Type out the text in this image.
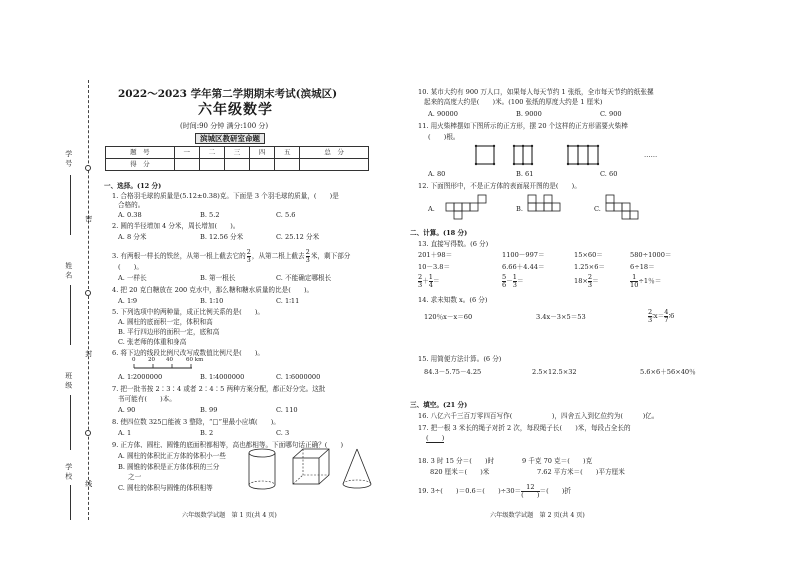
密
封
线
学 号
姓 名
班 级
学 校
2022～2023 学年第二学期期末考试(滨城区)
六年级数学
(时间:90 分钟 满分:100 分)
滨城区教研室命题
题　号	一	二	三	四	五	总　分
得　分						
一、选择。(12 分)
1. 合格羽毛球的质量是(5.12±0.38)克。下面是 3 个羽毛球的质量，(　　)是
合格的。
A. 0.38	B. 5.2	C. 5.6
2. 圆的半径增加 4 分米，周长增加(　　)。
A. 8 分米	B. 12.56 分米	C. 25.12 分米
3. 有两根一样长的铁丝，从第一根上截去它的 $\frac{2}{3}$ ，从第二根上截去 $\frac{2}{3}$ 米，剩下部分
(　　)。
A. 一样长	B. 第一根长	C. 不能确定哪根长
4. 把 20 克白糖放在 200 克水中，那么糖和糖水质量的比是(　　)。
A. 1∶9	B. 1∶10	C. 1∶11
5. 下列选项中的两种量，成正比例关系的是(　　)。
A. 圆柱的底面积一定，体积和高
B. 平行四边形的面积一定，底和高
C. 张老师的体重和身高
6. 将下边的线段比例尺改写成数值比例尺是(　　)。
0 20 40 60 km
A. 1∶2000000	B. 1∶4000000	C. 1∶6000000
7. 把一批书按 2∶3∶4 或者 2∶4∶5 两种方案分配，都正好分完。这批
书可能有(　　)本。
A. 90	B. 99	C. 110
8. 使四位数 325□能被 3 整除，“□”里最小应填(　　)。
A. 1	B. 2	C. 3
9. 正方体、圆柱、圆锥的底面积都相等，高也都相等。下面哪句话正确？(　　)
A. 圆柱的体积比正方体的体积小一些
B. 圆锥的体积是正方体体积的三分
之一
C. 圆柱的体积与圆锥的体积相等
六年级数学试题　第 1 页(共 4 页)
10. 某市大约有 900 万人口，如果每人每天节约 1 张纸，全市每天节约的纸张摞
起来的高度大约是(　　)米。(100 张纸的厚度大约是 1 厘米)
A. 90000	B. 9000	C. 900
11. 用火柴棒摆如下图所示的正方形，摆 20 个这样的正方形需要火柴棒
(　　)根。
……
A. 80	B. 61	C. 60
12. 下面图形中，不是正方体的表面展开图的是(　　)。
A.	B.	C.
二、计算。(18 分)
13. 直接写得数。(6 分)
201＋98＝	1100－997＝	15×60＝	580÷1000＝
10－3.8＝	6.66＋4.44＝	1.25×6＝	6÷18＝
$\frac{2}{3} + \frac{1}{4}$ ＝	$\frac{5}{6} - \frac{1}{3}$ ＝	$18\times \frac{2}{3}$ ＝	$\frac{1}{10} \div 1$％＝
14. 求未知数 x。(6 分)
120％x－x＝60	3.4x－3×5＝53	$\frac{2}{3}$ ∶x＝ $\frac{4}{7}$ ∶6
15. 用简便方法计算。(6 分)
84.3－5.75－4.25	2.5×12.5×32	5.6×6＋56×40％
三、填空。(21 分)
16. 八亿六千三百万零四百写作(　　　　　　)，四舍五入到亿位约为(　　　)亿。
17. 把一根 3 米长的绳子对折 2 次，每段绳子长(　　)米，每段占全长的
(　　)

18. 3 时 15 分＝(　　)时	9 千克 70 克＝(　　)克
820 厘米＝(　　)米	7.62 平方米＝(　　)平方厘米
19. 3÷(　　)＝0.6＝(　　)÷30＝
12
(　　) ＝(　　)折
六年级数学试题　第 2 页(共 4 页)
